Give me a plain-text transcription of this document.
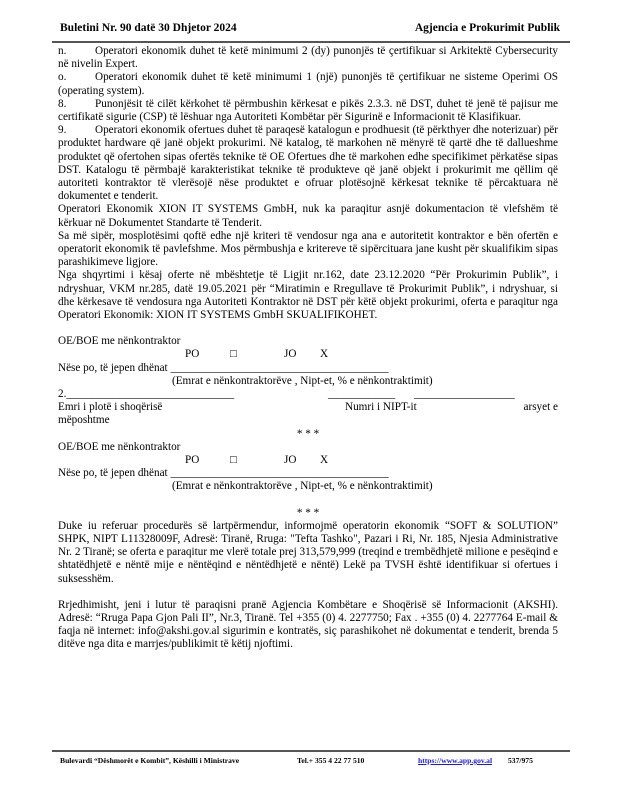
Buletini Nr. 90 datë 30 Dhjetor 2024	Agjencia e Prokurimit Publik

n.	Operatori ekonomik duhet të ketë minimumi 2 (dy) punonjës të çertifikuar si Arkitektë Cybersecurity në nivelin Expert.

o.	Operatori ekonomik duhet të ketë minimumi 1 (një) punonjës të çertifikuar ne sisteme Operimi OS (operating system).

8.	Punonjësit të cilët kërkohet të përmbushin kërkesat e pikës 2.3.3. në DST, duhet të jenë të pajisur me certifikatë sigurie (CSP) të lëshuar nga Autoriteti Kombëtar për Sigurinë e Informacionit të Klasifikuar.

9.	Operatori ekonomik ofertues duhet të paraqesë katalogun e prodhuesit (të përkthyer dhe noterizuar) për produktet hardware që janë objekt prokurimi. Në katalog, të markohen në mënyrë të qartë dhe të dallueshme produktet që ofertohen sipas ofertës teknike të OE Ofertues dhe të markohen edhe specifikimet përkatëse sipas DST. Katalogu të përmbajë karakteristikat teknike të produkteve që janë objekt i prokurimit me qëllim që autoriteti kontraktor të vlerësojë nëse produktet e ofruar plotësojnë kërkesat teknike të përcaktuara në dokumentet e tenderit.

Operatori Ekonomik XION IT SYSTEMS GmbH, nuk ka paraqitur asnjë dokumentacion të vlefshëm të kërkuar në Dokumentet Standarte të Tenderit.

Sa më sipër, mosplotësimi qoftë edhe një kriteri të vendosur nga ana e autoritetit kontraktor e bën ofertën e operatorit ekonomik të pavlefshme. Mos përmbushja e kritereve të sipërcituara jane kusht për skualifikim sipas parashikimeve ligjore.

Nga shqyrtimi i kësaj oferte në mbështetje të Ligjit nr.162, date 23.12.2020 “Për Prokurimin Publik”, i ndryshuar, VKM nr.285, datë 19.05.2021 për “Miratimin e Rregullave të Prokurimit Publik”, i ndryshuar, si dhe kërkesave të vendosura nga Autoriteti Kontraktor në DST për këtë objekt prokurimi, oferta e paraqitur nga Operatori Ekonomik: XION IT SYSTEMS GmbH SKUALIFIKOHET.

OE/BOE me nënkontraktor

PO	□	JO X

Nëse po, të jepen dhënat _______________________________________

(Emrat e nënkontraktorëve , Nipt-et, % e nënkontraktimit)

2.______________________________	____________ __________________
Emri i plotë i shoqërisë	Numri i NIPT-it	arsyet e

mëposhtme

* * *

OE/BOE me nënkontraktor

PO	□	JO X

Nëse po, të jepen dhënat _______________________________________

(Emrat e nënkontraktorëve , Nipt-et, % e nënkontraktimit)

* * *

Duke iu referuar procedurës së lartpërmendur, informojmë operatorin ekonomik “SOFT & SOLUTION” SHPK, NIPT L11328009F, Adresë: Tiranë, Rruga: "Tefta Tashko", Pazari i Ri, Nr. 185, Njesia Administrative Nr. 2 Tiranë; se oferta e paraqitur me vlerë totale prej 313,579,999 (treqind e trembëdhjetë milione e pesëqind e shtatëdhjetë e nëntë mije e nëntëqind e nëntëdhjetë e nëntë) Lekë pa TVSH është identifikuar si ofertues i suksesshëm.

Rrjedhimisht, jeni i lutur të paraqisni pranë Agjencia Kombëtare e Shoqërisë së Informacionit (AKSHI). Adresë: “Rruga Papa Gjon Pali II”, Nr.3, Tiranë. Tel +355 (0) 4. 2277750; Fax . +355 (0) 4. 2277764 E-mail & faqja në internet: info@akshi.gov.al sigurimin e kontratës, siç parashikohet në dokumentat e tenderit, brenda 5 ditëve nga dita e marrjes/publikimit të këtij njoftimi.

Bulevardi “Dëshmorët e Kombit”, Këshilli i Ministrave	Tel.+ 355 4 22 77 510	https://www.app.gov.al 537/975
